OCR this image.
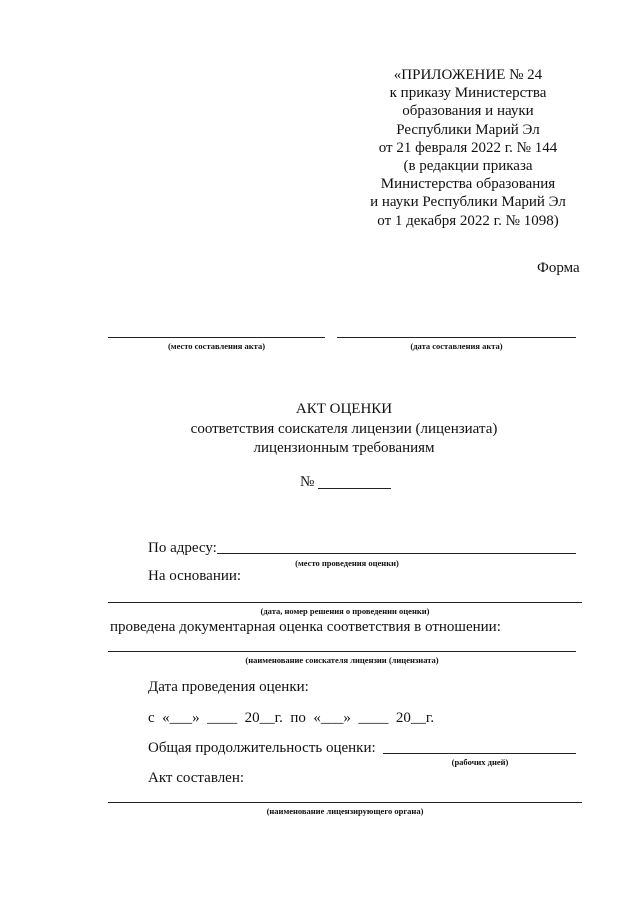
«ПРИЛОЖЕНИЕ № 24
к приказу Министерства
образования и науки
Республики Марий Эл
от 21 февраля 2022 г. № 144
(в редакции приказа
Министерства образования
и науки Республики Марий Эл
от 1 декабря 2022 г. № 1098)
Форма
(место составления акта)	(дата составления акта)
АКТ ОЦЕНКИ
соответствия соискателя лицензии (лицензиата)
лицензионным требованиям
№
По адресу:
(место проведения оценки)
На основании:
(дата, номер решения о проведении оценки)
проведена документарная оценка соответствия в отношении:
(наименование соискателя лицензии (лицензиата)
Дата проведения оценки:
с  «___»  ____  20__г.  по  «___»  ____  20__г.
Общая продолжительность оценки:
(рабочих дней)
Акт составлен:
(наименование лицензирующего органа)
